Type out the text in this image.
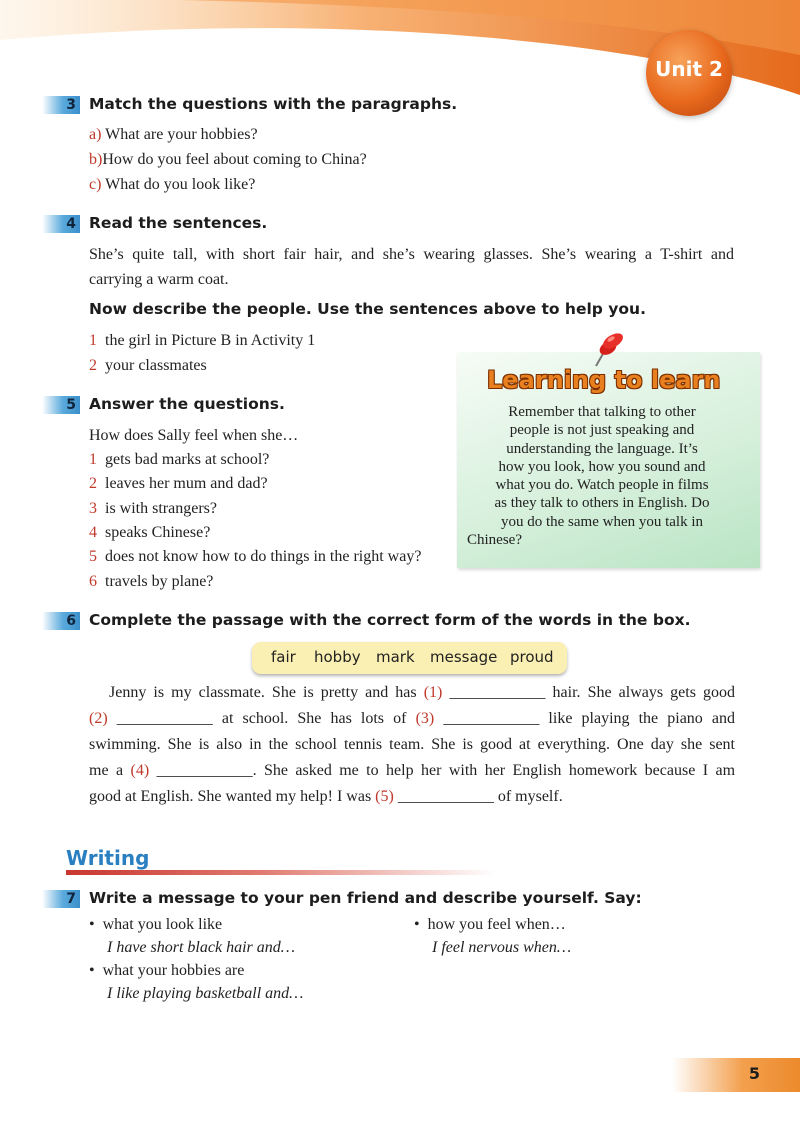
Unit 2
3 Match the questions with the paragraphs.
a) What are your hobbies?
b)How do you feel about coming to China?
c) What do you look like?
4 Read the sentences.
She’s quite tall, with short fair hair, and she’s wearing glasses. She’s wearing a T-shirt and
carrying a warm coat.
Now describe the people. Use the sentences above to help you.
1 the girl in Picture B in Activity 1
2 your classmates
Learning to learn
Remember that talking to other
people is not just speaking and
understanding the language. It’s
how you look, how you sound and
what you do. Watch people in films
as they talk to others in English. Do
you do the same when you talk in
Chinese?
5 Answer the questions.
How does Sally feel when she…
1 gets bad marks at school?
2 leaves her mum and dad?
3 is with strangers?
4 speaks Chinese?
5 does not know how to do things in the right way?
6 travels by plane?
6 Complete the passage with the correct form of the words in the box.
fair hobby mark message proud
Jenny is my classmate. She is pretty and has (1) ____________ hair. She always gets good
(2) ____________ at school. She has lots of (3) ____________ like playing the piano and
swimming. She is also in the school tennis team. She is good at everything. One day she sent
me a (4) ____________. She asked me to help her with her English homework because I am
good at English. She wanted my help! I was (5) ____________ of myself.
Writing
7 Write a message to your pen friend and describe yourself. Say:
• what you look like
I have short black hair and…
• what your hobbies are
I like playing basketball and…
• how you feel when…
I feel nervous when…
5
